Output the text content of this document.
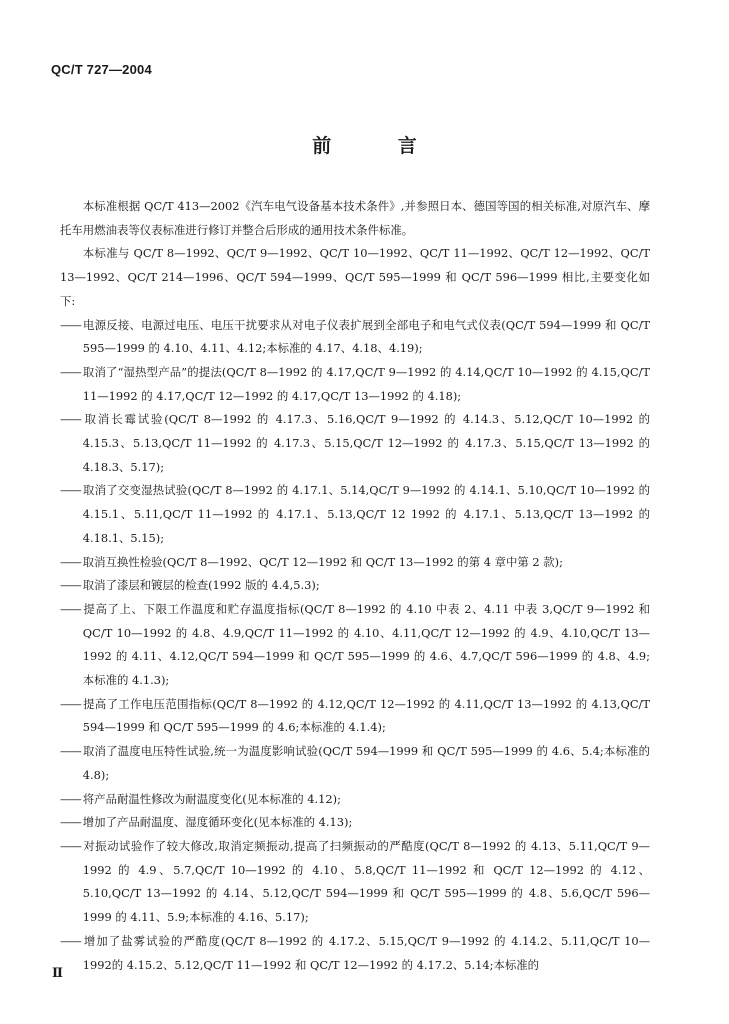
QC/T 727—2004
前 言

本标准根据 QC/T 413—2002《汽车电气设备基本技术条件》,并参照日本、德国等国的相关标准,对原汽车、摩托车用燃油表等仪表标准进行修订并整合后形成的通用技术条件标准。

本标准与 QC/T 8—1992、QC/T 9—1992、QC/T 10—1992、QC/T 11—1992、QC/T 12—1992、QC/T 13—1992、QC/T 214—1996、QC/T 594—1999、QC/T 595—1999 和 QC/T 596—1999 相比,主要变化如下:

—— 电源反接、电源过电压、电压干扰要求从对电子仪表扩展到全部电子和电气式仪表(QC/T 594—1999 和 QC/T 595—1999 的 4.10、4.11、4.12;本标准的 4.17、4.18、4.19);

—— 取消了“湿热型产品”的提法(QC/T 8—1992 的 4.17,QC/T 9—1992 的 4.14,QC/T 10—1992 的 4.15,QC/T 11—1992 的 4.17,QC/T 12—1992 的 4.17,QC/T 13—1992 的 4.18);

—— 取消长霉试验(QC/T 8—1992 的 4.17.3、5.16,QC/T 9—1992 的 4.14.3、5.12,QC/T 10—1992 的 4.15.3、5.13,QC/T 11—1992 的 4.17.3、5.15,QC/T 12—1992 的 4.17.3、5.15,QC/T 13—1992 的 4.18.3、5.17);

—— 取消了交变湿热试验(QC/T 8—1992 的 4.17.1、5.14,QC/T 9—1992 的 4.14.1、5.10,QC/T 10—1992 的 4.15.1、5.11,QC/T 11—1992 的 4.17.1、5.13,QC/T 12 1992 的 4.17.1、5.13,QC/T 13—1992 的 4.18.1、5.15);

—— 取消互换性检验(QC/T 8—1992、QC/T 12—1992 和 QC/T 13—1992 的第 4 章中第 2 款);

—— 取消了漆层和镀层的检查(1992 版的 4.4,5.3);

—— 提高了上、下限工作温度和贮存温度指标(QC/T 8—1992 的 4.10 中表 2、4.11 中表 3,QC/T 9—1992 和 QC/T 10—1992 的 4.8、4.9,QC/T 11—1992 的 4.10、4.11,QC/T 12—1992 的 4.9、4.10,QC/T 13—1992 的 4.11、4.12,QC/T 594—1999 和 QC/T 595—1999 的 4.6、4.7,QC/T 596—1999 的 4.8、4.9;本标准的 4.1.3);

—— 提高了工作电压范围指标(QC/T 8—1992 的 4.12,QC/T 12—1992 的 4.11,QC/T 13—1992 的 4.13,QC/T 594—1999 和 QC/T 595—1999 的 4.6;本标准的 4.1.4);

—— 取消了温度电压特性试验,统一为温度影响试验(QC/T 594—1999 和 QC/T 595—1999 的 4.6、5.4;本标准的 4.8);

—— 将产品耐温性修改为耐温度变化(见本标准的 4.12);

—— 增加了产品耐温度、湿度循环变化(见本标准的 4.13);

—— 对振动试验作了较大修改,取消定频振动,提高了扫频振动的严酷度(QC/T 8—1992 的 4.13、5.11,QC/T 9—1992 的 4.9、5.7,QC/T 10—1992 的 4.10、5.8,QC/T 11—1992 和 QC/T 12—1992 的 4.12、5.10,QC/T 13—1992 的 4.14、5.12,QC/T 594—1999 和 QC/T 595—1999 的 4.8、5.6,QC/T 596—1999 的 4.11、5.9;本标准的 4.16、5.17);

—— 增加了盐雾试验的严酷度(QC/T 8—1992 的 4.17.2、5.15,QC/T 9—1992 的 4.14.2、5.11,QC/T 10—1992的 4.15.2、5.12,QC/T 11—1992 和 QC/T 12—1992 的 4.17.2、5.14;本标准的

Ⅱ
